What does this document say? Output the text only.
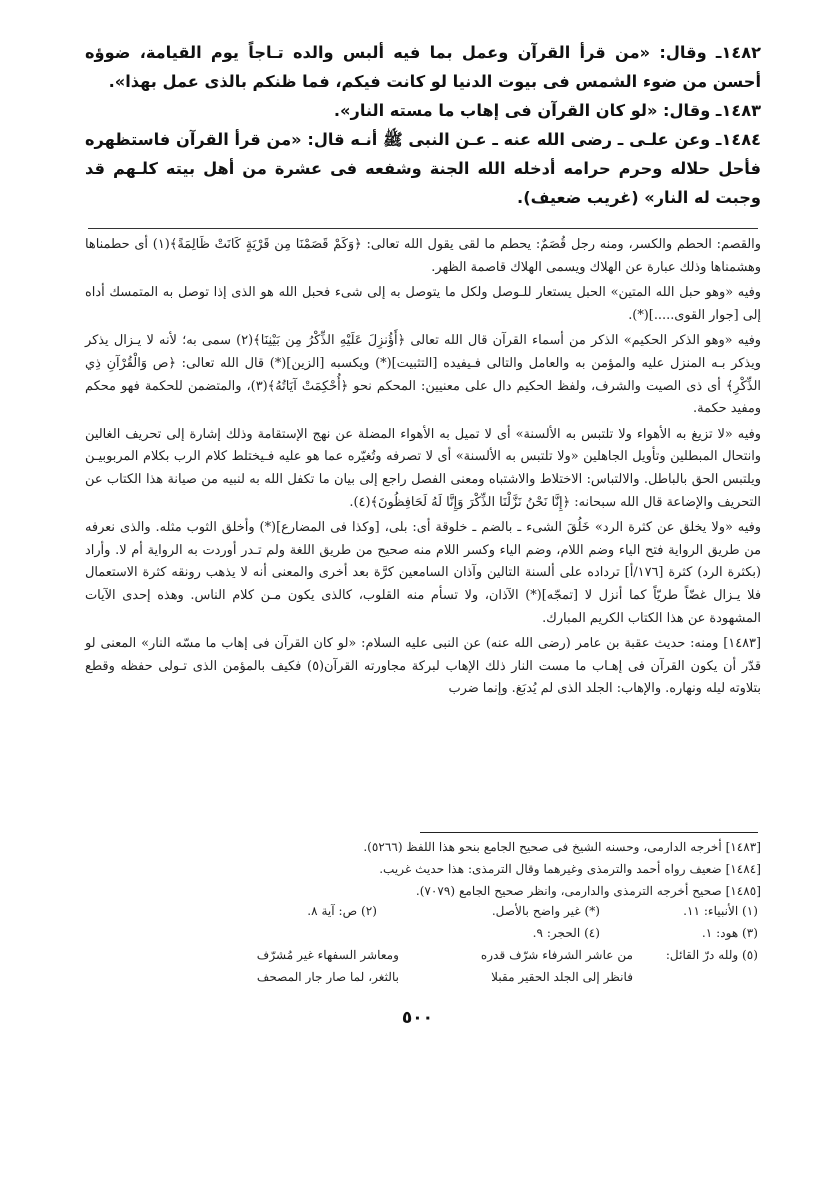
١٤٨٢ـ وقال: «من قرأ القرآن وعمل بما فيه ألبس والده تـاجاً يوم القيامة، ضوؤه أحسن من ضوء الشمس فى بيوت الدنيا لو كانت فيكم، فما ظنكم بالذى عمل بهذا».

١٤٨٣ـ وقال: «لو كان القرآن فى إهاب ما مسته النار».

١٤٨٤ـ وعن علـى ـ رضى الله عنه ـ عـن النبى ﷺ أنـه قال: «من قرأ القرآن فاستظهره فأحل حلاله وحرم حرامه أدخله الله الجنة وشفعه فى عشرة من أهل بيته كلـهم قد وجبت له النار» (غريب ضعيف).

والقصم: الحطم والكسر، ومنه رجل قُصَمٌ: يحطم ما لقى يقول الله تعالى: ﴿وَكَمْ قَصَمْنَا مِن قَرْيَةٍ كَانَتْ ظَالِمَةً﴾(١) أى حطمناها وهشمناها وذلك عبارة عن الهلاك ويسمى الهلاك قاصمة الظهر.

وفيه «وهو حبل الله المتين» الحبل يستعار للـوصل ولكل ما يتوصل به إلى شىء فحبل الله هو الذى إذا توصل به المتمسك أداه إلى [جوار القوى.....](*).

وفيه «وهو الذكر الحكيم» الذكر من أسماء القرآن قال الله تعالى ﴿أَؤُنزِلَ عَلَيْهِ الذِّكْرُ مِن بَيْنِنَا﴾(٢) سمى به؛ لأنه لا يـزال يذكر ويذكر بـه المنزل عليه والمؤمن به والعامل والتالى فـيفيده [التثبيت](*) ويكسبه [الزين](*) قال الله تعالى: ﴿ص وَالْقُرْآنِ ذِي الذِّكْرِ﴾ أى ذى الصيت والشرف، ولفظ الحكيم دال على معنيين: المحكم نحو ﴿أُحْكِمَتْ آيَاتُهُ﴾(٣)، والمتضمن للحكمة فهو محكم ومفيد حكمة.

وفيه «لا تزيغ به الأهواء ولا تلتبس به الألسنة» أى لا تميل به الأهواء المضلة عن نهج الإستقامة وذلك إشارة إلى تحريف الغالين وانتحال المبطلين وتأويل الجاهلين «ولا تلتبس به الألسنة» أى لا تصرفه وتُغيّره عما هو عليه فـيختلط كلام الرب بكلام المربوبيـن ويلتبس الحق بالباطل. والالتباس: الاختلاط والاشتباه ومعنى الفصل راجع إلى بيان ما تكفل الله به لنبيه من صيانة هذا الكتاب عن التحريف والإضاعة قال الله سبحانه: ﴿إِنَّا نَحْنُ نَزَّلْنَا الذِّكْرَ وَإِنَّا لَهُ لَحَافِظُونَ﴾(٤).

وفيه «ولا يخلق عن كثرة الرد» خَلُقَ الشىء ـ بالضم ـ خلوقة أى: بلى، [وكذا فى المضارع](*) وأخلق الثوب مثله. والذى نعرفه من طريق الرواية فتح الياء وضم اللام، وضم الياء وكسر اللام منه صحيح من طريق اللغة ولم تـدر أوردت به الرواية أم لا. وأراد (بكثرة الرد) كثرة [١٧٦/أ] ترداده على ألسنة التالين وآذان السامعين كرَّة بعد أخرى والمعنى أنه لا يذهب رونقه كثرة الاستعمال فلا يـزال غضّاً طريّاً كما أنزل لا [تمجّه](*) الآذان، ولا تسأم منه القلوب، كالذى يكون مـن كلام الناس. وهذه إحدى الآيات المشهودة عن هذا الكتاب الكريم المبارك.

[١٤٨٣] ومنه: حديث عقبة بن عامر (رضى الله عنه) عن النبى عليه السلام: «لو كان القرآن فى إهاب ما مسّه النار» المعنى لو قدّر أن يكون القرآن فى إهـاب ما مست النار ذلك الإهاب لبركة مجاورته القرآن(٥) فكيف بالمؤمن الذى تـولى حفظه وقطع بتلاوته ليله ونهاره. والإهاب: الجلد الذى لم يُدبَغ. وإنما ضرب

[١٤٨٣] أخرجه الدارمى، وحسنه الشيخ فى صحيح الجامع بنحو هذا اللفظ (٥٢٦٦).

[١٤٨٤] ضعيف رواه أحمد والترمذى وغيرهما وقال الترمذى: هذا حديث غريب.

[١٤٨٥] صحيح أخرجه الترمذى والدارمى، وانظر صحيح الجامع (٧٠٧٩).

(١) الأنبياء: ١١.
(*) غير واضح بالأصل.
(٢) ص: آية ٨.
(٣) هود: ١.
(٤) الحجر: ٩.
(٥) ولله درّ القائل:
من عاشر الشرفاء شرّف قدره
ومعاشر السفهاء غير مُشرّف
فانظر إلى الجلد الحقير مقبلا
بالثغر، لما صار جار المصحف
٥٠٠
